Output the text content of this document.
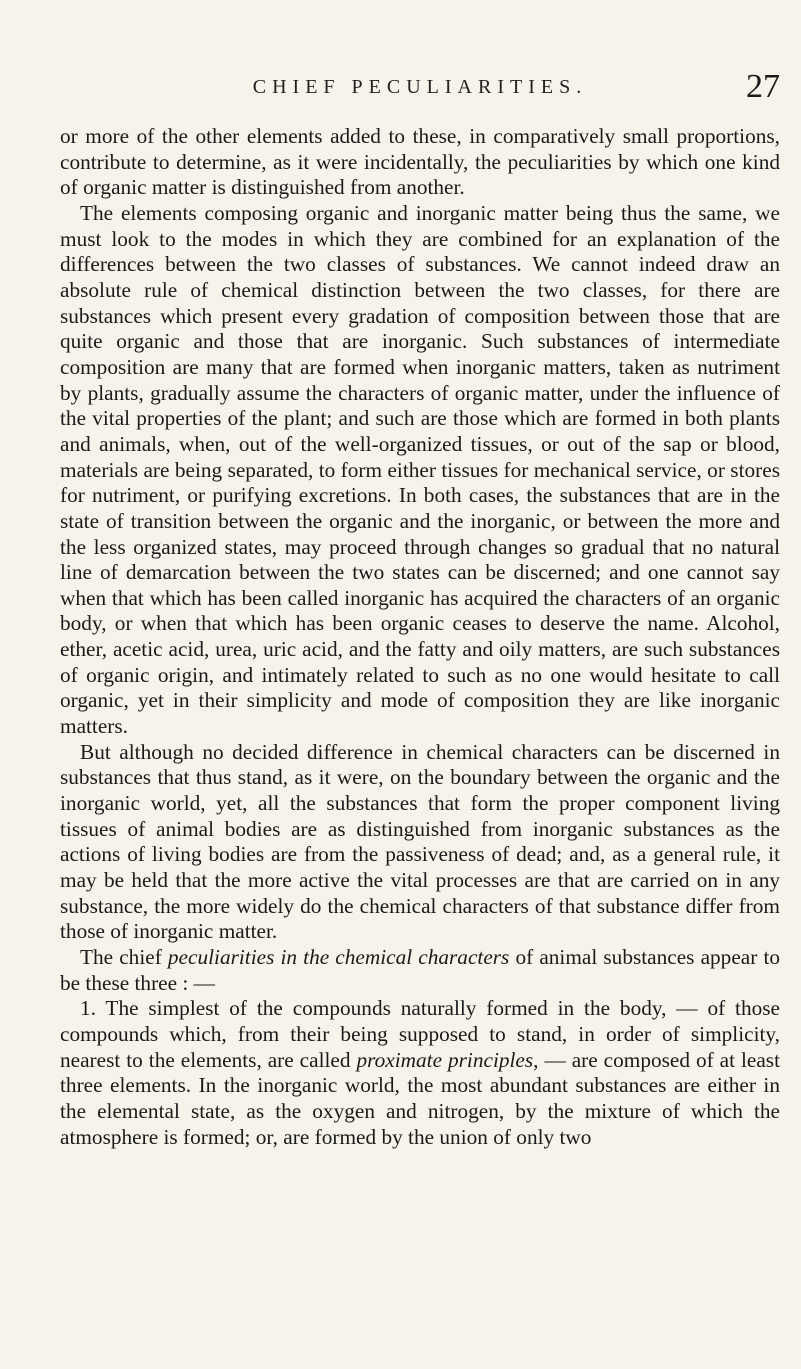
CHIEF PECULIARITIES.	27

or more of the other elements added to these, in comparatively small proportions, contribute to determine, as it were incidentally, the peculiarities by which one kind of organic matter is distinguished from another.

The elements composing organic and inorganic matter being thus the same, we must look to the modes in which they are combined for an explanation of the differences between the two classes of substances. We cannot indeed draw an absolute rule of chemical distinction between the two classes, for there are substances which present every gradation of composition between those that are quite organic and those that are inorganic. Such substances of intermediate composition are many that are formed when inorganic matters, taken as nutriment by plants, gradually assume the characters of organic matter, under the influence of the vital properties of the plant; and such are those which are formed in both plants and animals, when, out of the well-organized tissues, or out of the sap or blood, materials are being separated, to form either tissues for mechanical service, or stores for nutriment, or purifying excretions. In both cases, the substances that are in the state of transition between the organic and the inorganic, or between the more and the less organized states, may proceed through changes so gradual that no natural line of demarcation between the two states can be discerned; and one cannot say when that which has been called inorganic has acquired the characters of an organic body, or when that which has been organic ceases to deserve the name. Alcohol, ether, acetic acid, urea, uric acid, and the fatty and oily matters, are such substances of organic origin, and intimately related to such as no one would hesitate to call organic, yet in their simplicity and mode of composition they are like inorganic matters.

But although no decided difference in chemical characters can be discerned in substances that thus stand, as it were, on the boundary between the organic and the inorganic world, yet, all the substances that form the proper component living tissues of animal bodies are as distinguished from inorganic substances as the actions of living bodies are from the passiveness of dead; and, as a general rule, it may be held that the more active the vital processes are that are carried on in any substance, the more widely do the chemical characters of that substance differ from those of inorganic matter.

The chief peculiarities in the chemical characters of animal substances appear to be these three : —

1. The simplest of the compounds naturally formed in the body, — of those compounds which, from their being supposed to stand, in order of simplicity, nearest to the elements, are called proximate principles, — are composed of at least three elements. In the inorganic world, the most abundant substances are either in the elemental state, as the oxygen and nitrogen, by the mixture of which the atmosphere is formed; or, are formed by the union of only two
